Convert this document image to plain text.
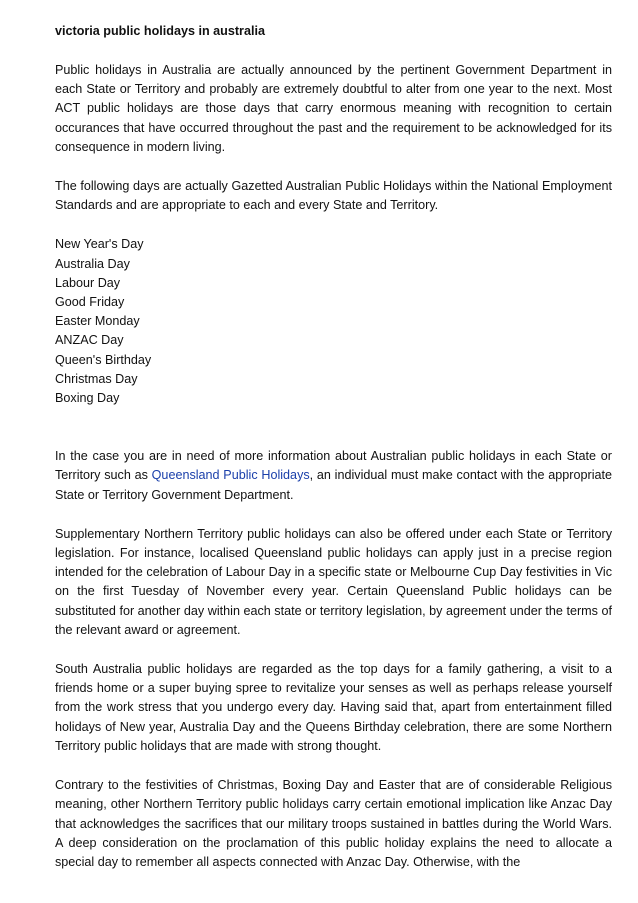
victoria public holidays in australia

Public holidays in Australia are actually announced by the pertinent Government Department in each State or Territory and probably are extremely doubtful to alter from one year to the next. Most ACT public holidays are those days that carry enormous meaning with recognition to certain occurances that have occurred throughout the past and the requirement to be acknowledged for its consequence in modern living.

The following days are actually Gazetted Australian Public Holidays within the National Employment Standards and are appropriate to each and every State and Territory.

New Year's Day
Australia Day
Labour Day
Good Friday
Easter Monday
ANZAC Day
Queen's Birthday
Christmas Day
Boxing Day

In the case you are in need of more information about Australian public holidays in each State or Territory such as Queensland Public Holidays, an individual must make contact with the appropriate State or Territory Government Department.

Supplementary Northern Territory public holidays can also be offered under each State or Territory legislation. For instance, localised Queensland public holidays can apply just in a precise region intended for the celebration of Labour Day in a specific state or Melbourne Cup Day festivities in Vic on the first Tuesday of November every year. Certain Queensland Public holidays can be substituted for another day within each state or territory legislation, by agreement under the terms of the relevant award or agreement.

South Australia public holidays are regarded as the top days for a family gathering, a visit to a friends home or a super buying spree to revitalize your senses as well as perhaps release yourself from the work stress that you undergo every day. Having said that, apart from entertainment filled holidays of New year, Australia Day and the Queens Birthday celebration, there are some Northern Territory public holidays that are made with strong thought.

Contrary to the festivities of Christmas, Boxing Day and Easter that are of considerable Religious meaning, other Northern Territory public holidays carry certain emotional implication like Anzac Day that acknowledges the sacrifices that our military troops sustained in battles during the World Wars. A deep consideration on the proclamation of this public holiday explains the need to allocate a special day to remember all aspects connected with Anzac Day. Otherwise, with the
